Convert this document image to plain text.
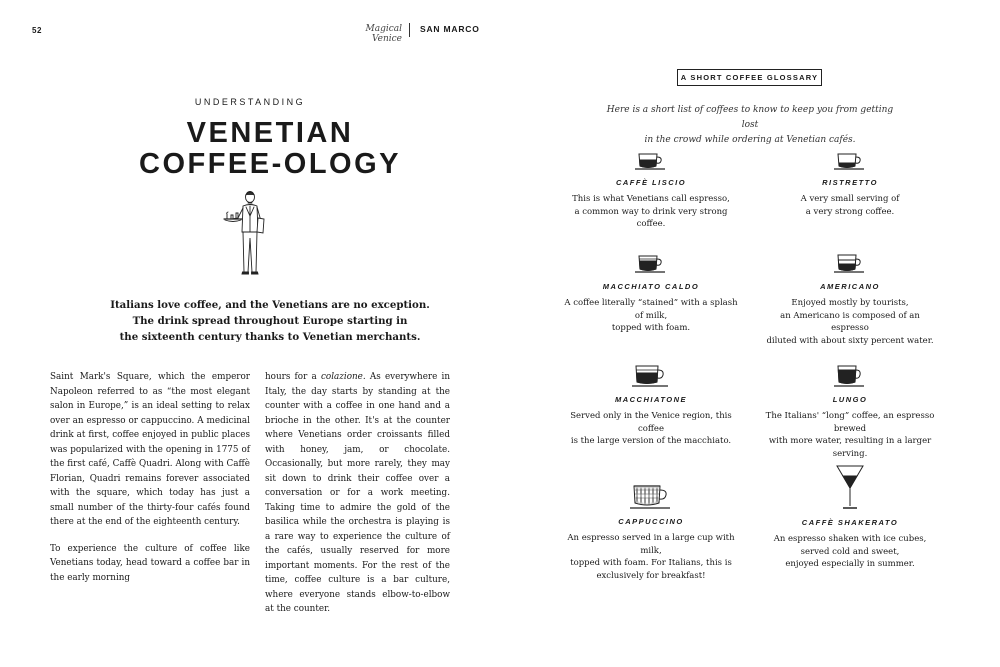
52	Magical Venice
SAN MARCO
UNDERSTANDING
VENETIAN
COFFEE-OLOGY
Italians love coffee, and the Venetians are no exception.
The drink spread throughout Europe starting in
the sixteenth century thanks to Venetian merchants.

Saint Mark's Square, which the emperor Napoleon referred to as “the most elegant salon in Europe,” is an ideal setting to relax over an espresso or cappuccino. A medicinal drink at first, coffee enjoyed in public places was popularized with the opening in 1775 of the first café, Caffè Quadri. Along with Caffè Florian, Quadri remains forever associated with the square, which today has just a small number of the thirty-four cafés found there at the end of the eighteenth century.

To experience the culture of coffee like Venetians today, head toward a coffee bar in the early morning

hours for a colazione. As everywhere in Italy, the day starts by standing at the counter with a coffee in one hand and a brioche in the other. It's at the counter where Venetians order croissants filled with honey, jam, or chocolate. Occasionally, but more rarely, they may sit down to drink their coffee over a conversation or for a work meeting. Taking time to admire the gold of the basilica while the orchestra is playing is a rare way to experience the culture of the cafés, usually reserved for more important moments. For the rest of the time, coffee culture is a bar culture, where everyone stands elbow-to-elbow at the counter.

A SHORT COFFEE GLOSSARY
Here is a short list of coffees to know to keep you from getting lost
in the crowd while ordering at Venetian cafés.
CAFFÈ LISCIO
This is what Venetians call espresso,
a common way to drink very strong coffee.
RISTRETTO
A very small serving of
a very strong coffee.
MACCHIATO CALDO
A coffee literally “stained” with a splash of milk,
topped with foam.
AMERICANO
Enjoyed mostly by tourists,
an Americano is composed of an espresso
diluted with about sixty percent water.
MACCHIATONE
Served only in the Venice region, this coffee
is the large version of the macchiato.
LUNGO
The Italians' “long” coffee, an espresso brewed
with more water, resulting in a larger serving.
CAPPUCCINO
An espresso served in a large cup with milk,
topped with foam. For Italians, this is
exclusively for breakfast!
CAFFÈ SHAKERATO
An espresso shaken with ice cubes,
served cold and sweet,
enjoyed especially in summer.
